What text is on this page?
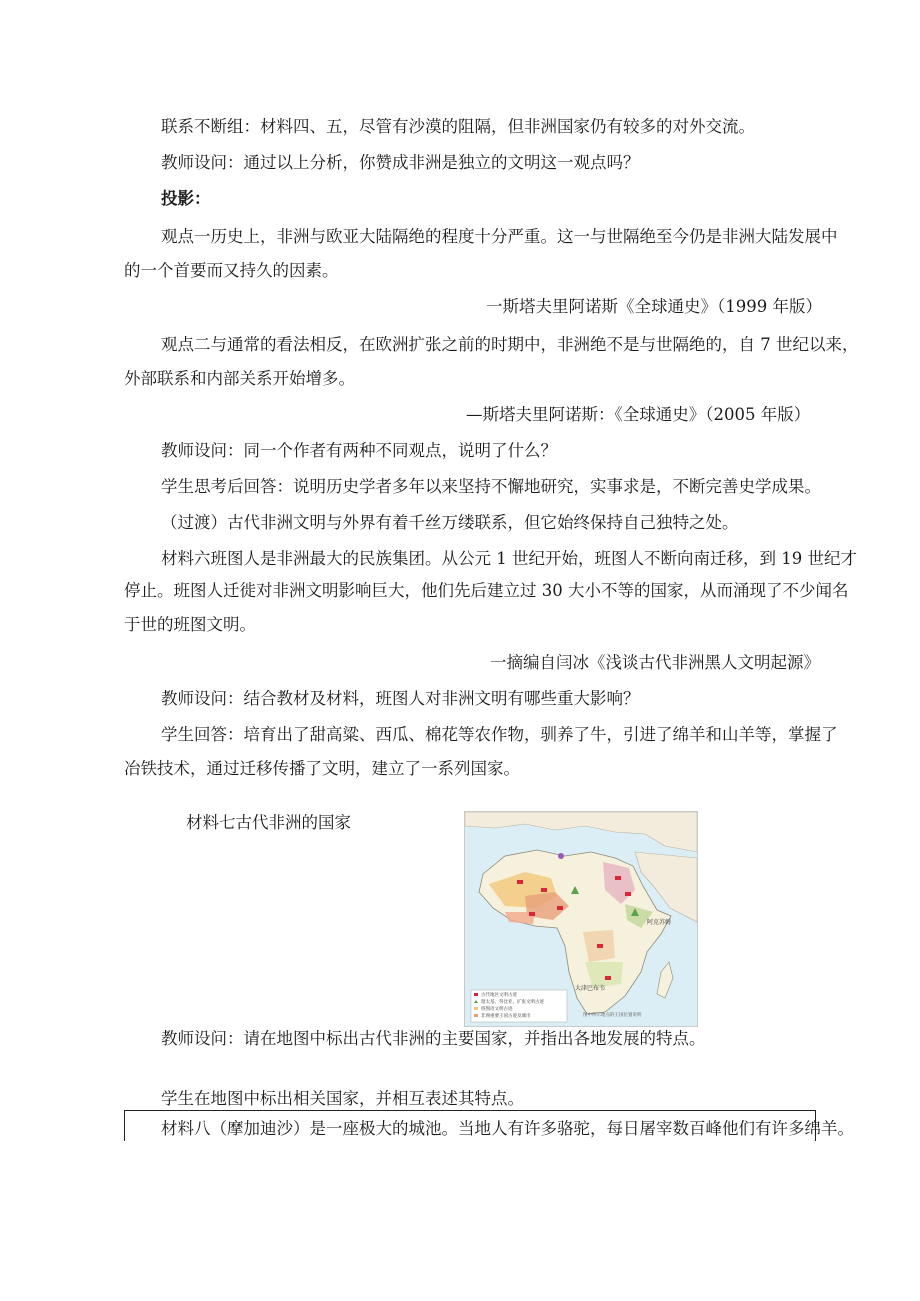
联系不断组：材料四、五，尽管有沙漠的阻隔，但非洲国家仍有较多的对外交流。
教师设问：通过以上分析，你赞成非洲是独立的文明这一观点吗？
投影：
观点一历史上，非洲与欧亚大陆隔绝的程度十分严重。这一与世隔绝至今仍是非洲大陆发展中
的一个首要而又持久的因素。
一斯塔夫里阿诺斯《全球通史》（1999 年版）
观点二与通常的看法相反，在欧洲扩张之前的时期中，非洲绝不是与世隔绝的，自 7 世纪以来，
外部联系和内部关系开始增多。
—斯塔夫里阿诺斯：《全球通史》（2005 年版）
教师设问：同一个作者有两种不同观点，说明了什么？
学生思考后回答：说明历史学者多年以来坚持不懈地研究，实事求是，不断完善史学成果。
（过渡）古代非洲文明与外界有着千丝万缕联系，但它始终保持自己独特之处。
材料六班图人是非洲最大的民族集团。从公元 1 世纪开始，班图人不断向南迁移，到 19 世纪才
停止。班图人迁徙对非洲文明影响巨大，他们先后建立过 30 大小不等的国家，从而涌现了不少闻名
于世的班图文明。
一摘编自闫冰《浅谈古代非洲黑人文明起源》
教师设问：结合教材及材料，班图人对非洲文明有哪些重大影响？
学生回答：培育出了甜高粱、西瓜、棉花等农作物，驯养了牛，引进了绵羊和山羊等，掌握了
冶铁技术，通过迁移传播了文明，建立了一系列国家。
材料七古代非洲的国家
阿克苏姆
大津巴布韦
古代地区文明古迹
迦太基、努比亚、扩张文明古迹
班图语文明古迹
非洲重要王国古迹及城市	图中所示地点的王国位置说明
教师设问：请在地图中标出古代非洲的主要国家，并指出各地发展的特点。
学生在地图中标出相关国家，并相互表述其特点。
材料八（摩加迪沙）是一座极大的城池。当地人有许多骆驼，每日屠宰数百峰他们有许多绵羊。
